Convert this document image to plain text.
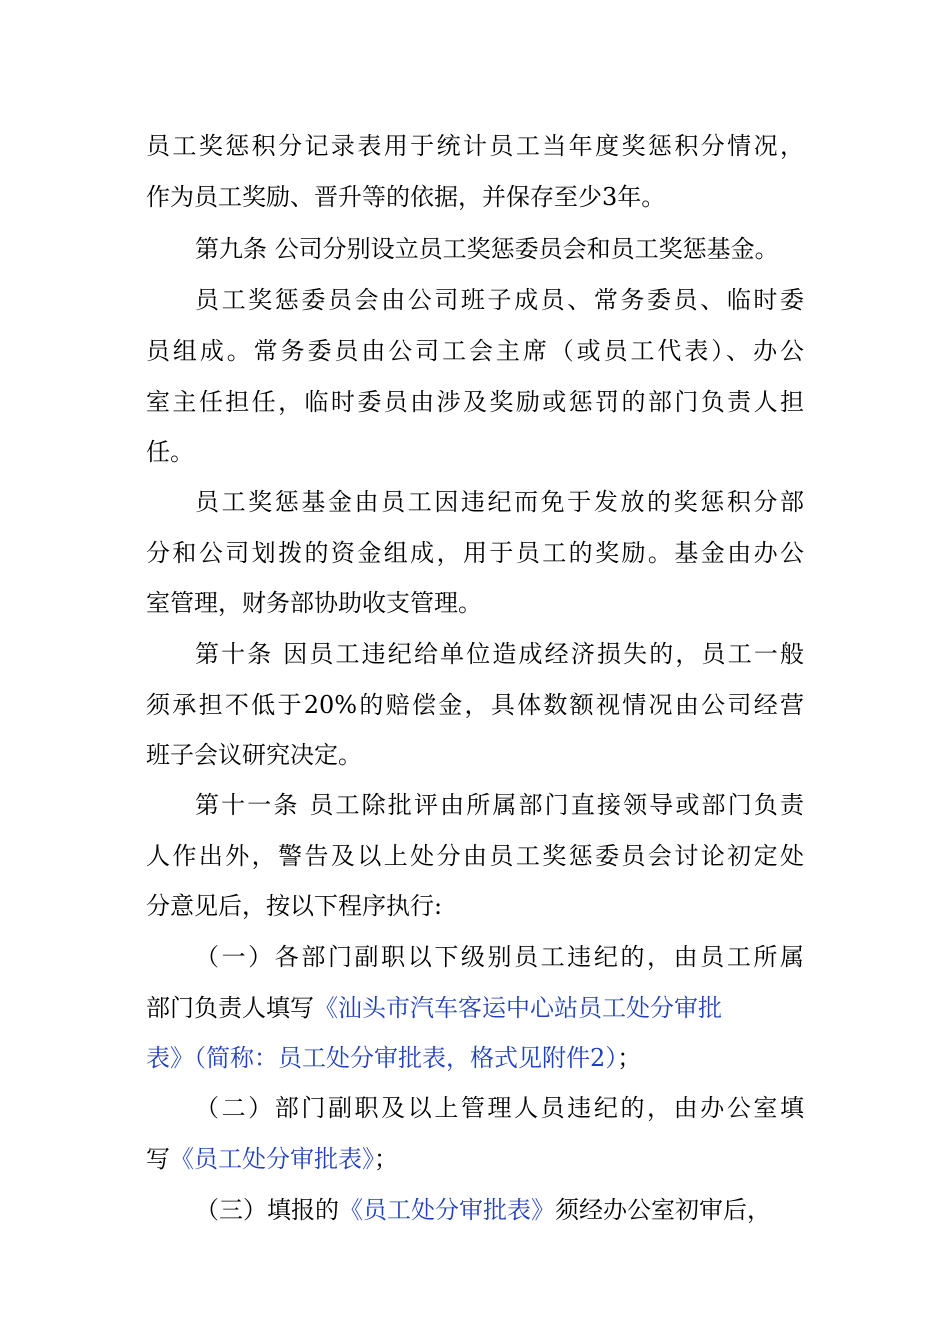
员工奖惩积分记录表用于统计员工当年度奖惩积分情况，
作为员工奖励、晋升等的依据，并保存至少3年。
第九条 公司分别设立员工奖惩委员会和员工奖惩基金。
员工奖惩委员会由公司班子成员、常务委员、临时委
员组成。常务委员由公司工会主席（或员工代表）、办公
室主任担任，临时委员由涉及奖励或惩罚的部门负责人担
任。
员工奖惩基金由员工因违纪而免于发放的奖惩积分部
分和公司划拨的资金组成，用于员工的奖励。基金由办公
室管理，财务部协助收支管理。
第十条 因员工违纪给单位造成经济损失的，员工一般
须承担不低于20%的赔偿金，具体数额视情况由公司经营
班子会议研究决定。
第十一条 员工除批评由所属部门直接领导或部门负责
人作出外，警告及以上处分由员工奖惩委员会讨论初定处
分意见后，按以下程序执行:
（一）各部门副职以下级别员工违纪的，由员工所属
部门负责人填写《汕头市汽车客运中心站员工处分审批
表》（简称：员工处分审批表，格式见附件2）；
（二）部门副职及以上管理人员违纪的，由办公室填
写《员工处分审批表》；
（三）填报的《员工处分审批表》须经办公室初审后，
